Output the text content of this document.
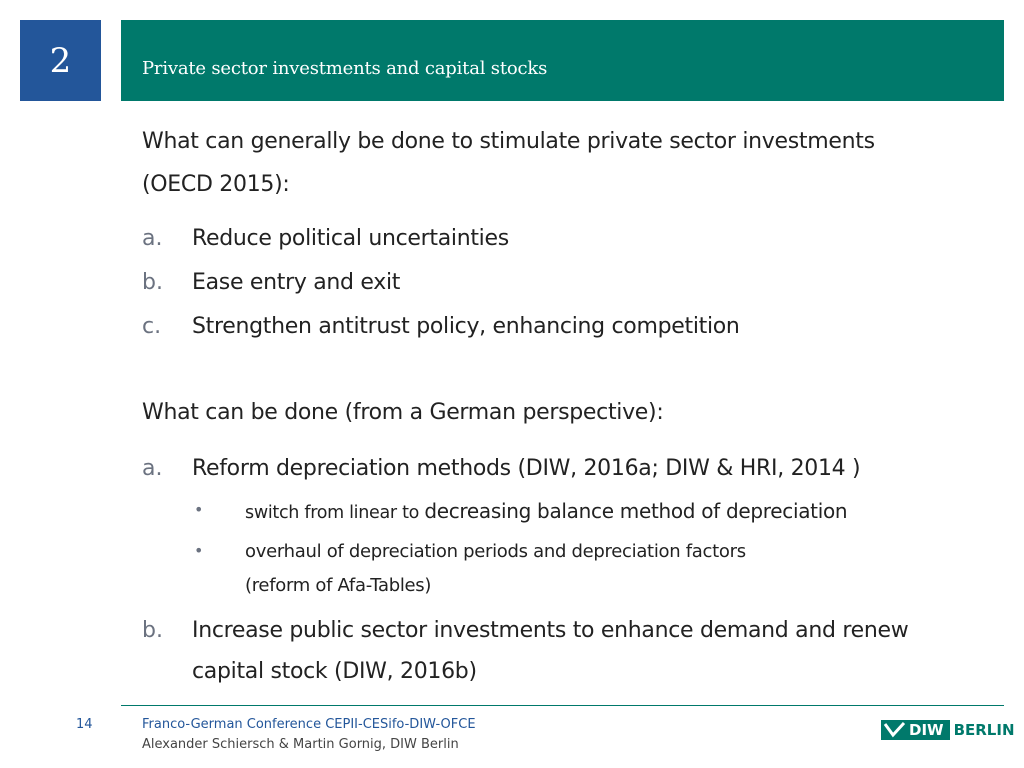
2	Private sector investments and capital stocks
What can generally be done to stimulate private sector investments
(OECD 2015):
a. Reduce political uncertainties
b. Ease entry and exit
c. Strengthen antitrust policy, enhancing competition
What can be done (from a German perspective):
a. Reform depreciation methods (DIW, 2016a; DIW & HRI, 2014 )
• switch from linear to decreasing balance method of depreciation
• overhaul of depreciation periods and depreciation factors
(reform of Afa-Tables)
b. Increase public sector investments to enhance demand and renew
capital stock (DIW, 2016b)
14	Franco-German Conference CEPII-CESifo-DIW-OFCE
Alexander Schiersch & Martin Gornig, DIW Berlin
DIW BERLIN
